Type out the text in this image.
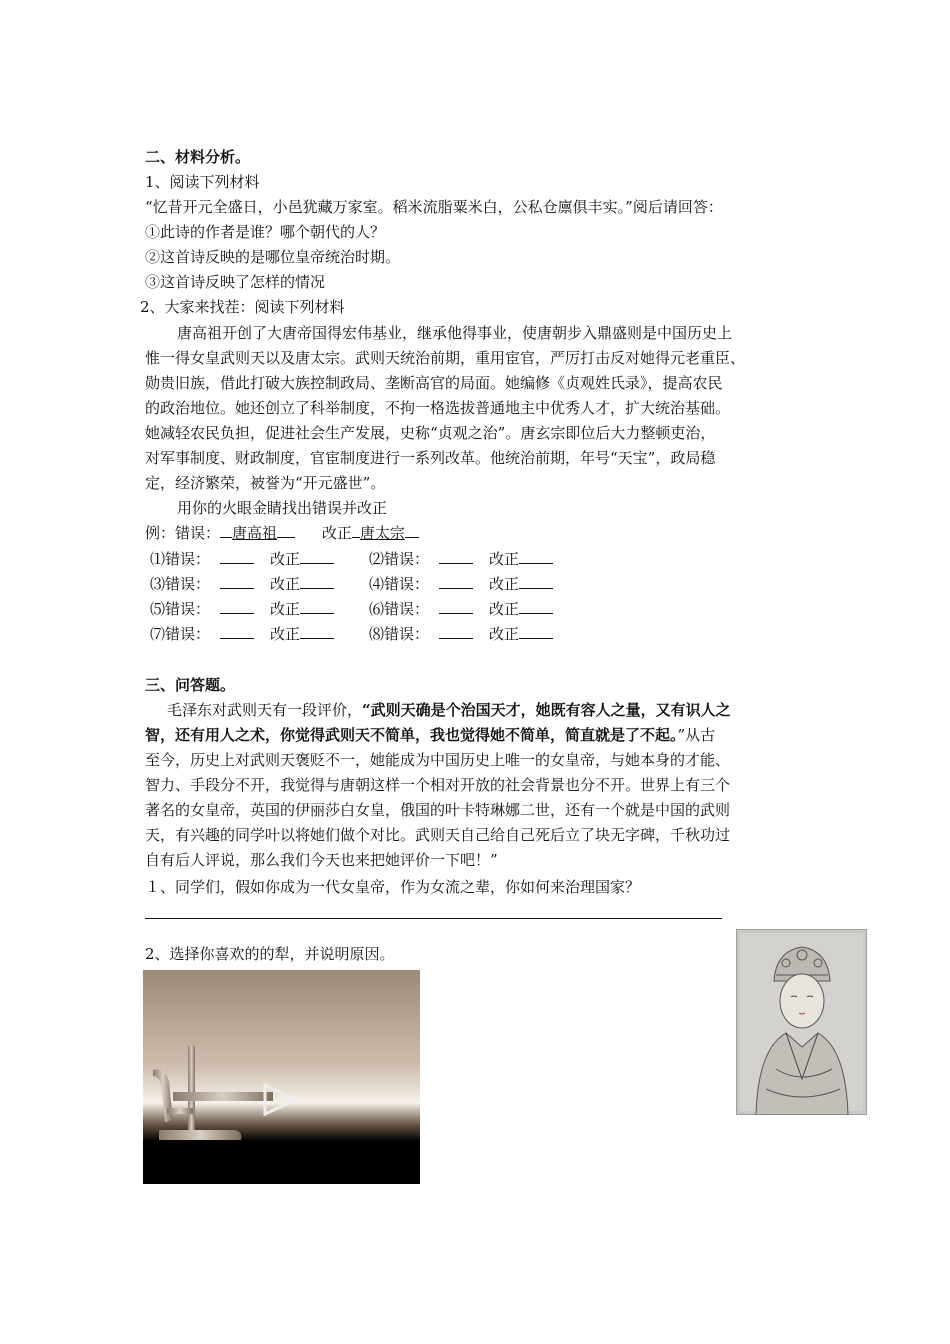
二、材料分析。
1、阅读下列材料
“忆昔开元全盛日，小邑犹藏万家室。稻米流脂粟米白，公私仓廪俱丰实。”阅后请回答：
①此诗的作者是谁？哪个朝代的人？
②这首诗反映的是哪位皇帝统治时期。
③这首诗反映了怎样的情况
2、大家来找茬：阅读下列材料
唐高祖开创了大唐帝国得宏伟基业，继承他得事业，使唐朝步入鼎盛则是中国历史上
惟一得女皇武则天以及唐太宗。武则天统治前期，重用宦官，严厉打击反对她得元老重臣、
勋贵旧族，借此打破大族控制政局、垄断高官的局面。她编修《贞观姓氏录》，提高农民
的政治地位。她还创立了科举制度，不拘一格选拔普通地主中优秀人才，扩大统治基础。
她减轻农民负担，促进社会生产发展，史称“贞观之治”。唐玄宗即位后大力整顿吏治，
对军事制度、财政制度，官宦制度进行一系列改革。他统治前期，年号“天宝”，政局稳
定，经济繁荣，被誉为“开元盛世”。
用你的火眼金睛找出错误并改正
例：错误： 唐高祖	改正 唐太宗
⑴错误：	改正	⑵错误：	改正
⑶错误：	改正	⑷错误：	改正
⑸错误：	改正	⑹错误：	改正
⑺错误：	改正	⑻错误：	改正
三、问答题。
毛泽东对武则天有一段评价，“武则天确是个治国天才，她既有容人之量，又有识人之
智，还有用人之术，你觉得武则天不简单，我也觉得她不简单，简直就是了不起。”从古
至今，历史上对武则天褒贬不一，她能成为中国历史上唯一的女皇帝，与她本身的才能、
智力、手段分不开，我觉得与唐朝这样一个相对开放的社会背景也分不开。世界上有三个
著名的女皇帝，英国的伊丽莎白女皇，俄国的叶卡特琳娜二世，还有一个就是中国的武则
天，有兴趣的同学叶以将她们做个对比。武则天自己给自己死后立了块无字碑，千秋功过
自有后人评说，那么我们今天也来把她评价一下吧！”
１、同学们，假如你成为一代女皇帝，作为女流之辈，你如何来治理国家？
2、选择你喜欢的的犁，并说明原因。
